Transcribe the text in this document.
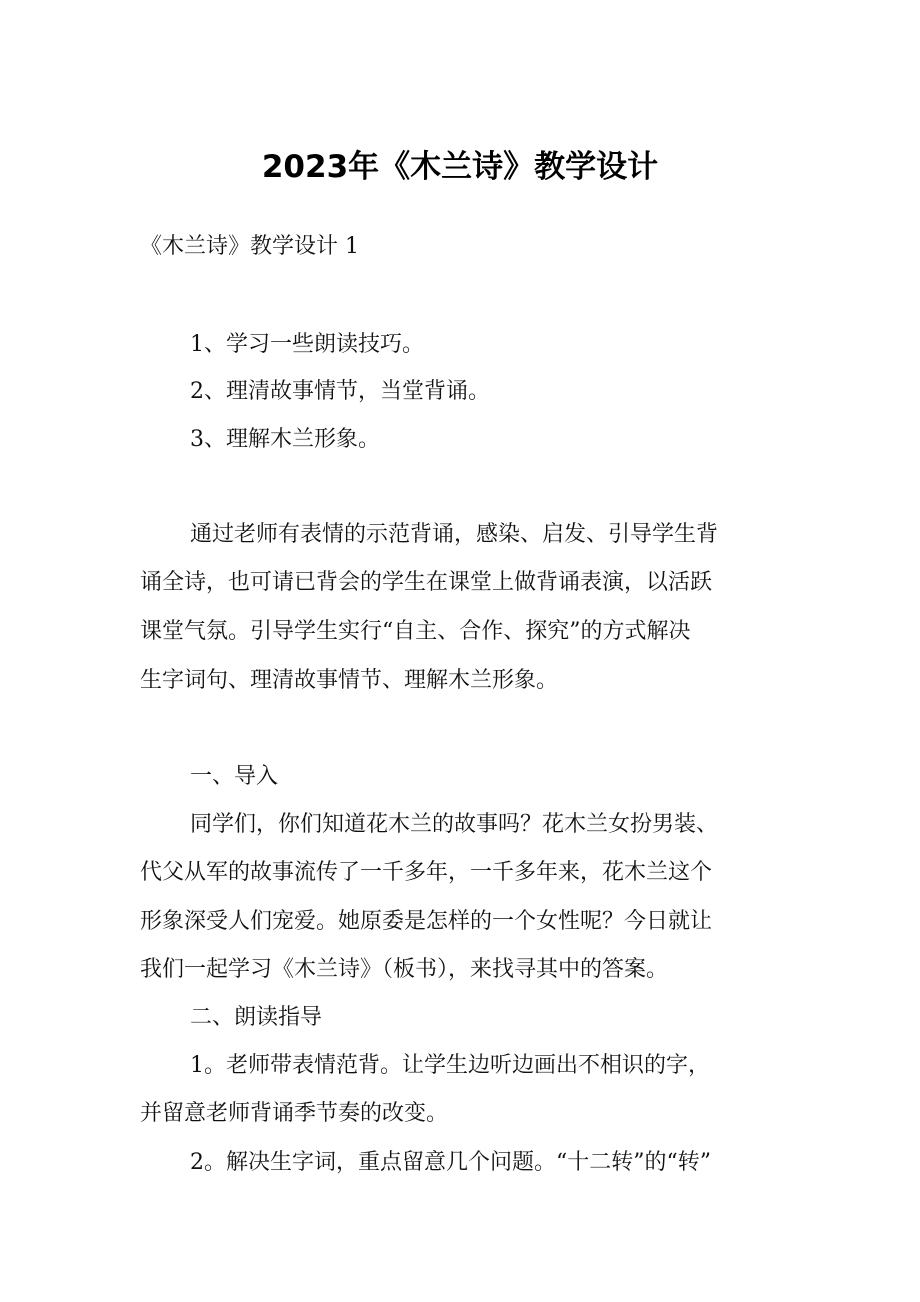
2023年《木兰诗》教学设计
《木兰诗》教学设计 1
1、学习一些朗读技巧。
2、理清故事情节，当堂背诵。
3、理解木兰形象。
通过老师有表情的示范背诵，感染、启发、引导学生背
诵全诗，也可请已背会的学生在课堂上做背诵表演，以活跃
课堂气氛。引导学生实行“自主、合作、探究”的方式解决
生字词句、理清故事情节、理解木兰形象。
一、导入
同学们，你们知道花木兰的故事吗？花木兰女扮男装、
代父从军的故事流传了一千多年，一千多年来，花木兰这个
形象深受人们宠爱。她原委是怎样的一个女性呢？今日就让
我们一起学习《木兰诗》（板书），来找寻其中的答案。
二、朗读指导
1。老师带表情范背。让学生边听边画出不相识的字，
并留意老师背诵季节奏的改变。
2。解决生字词，重点留意几个问题。“十二转”的“转”
